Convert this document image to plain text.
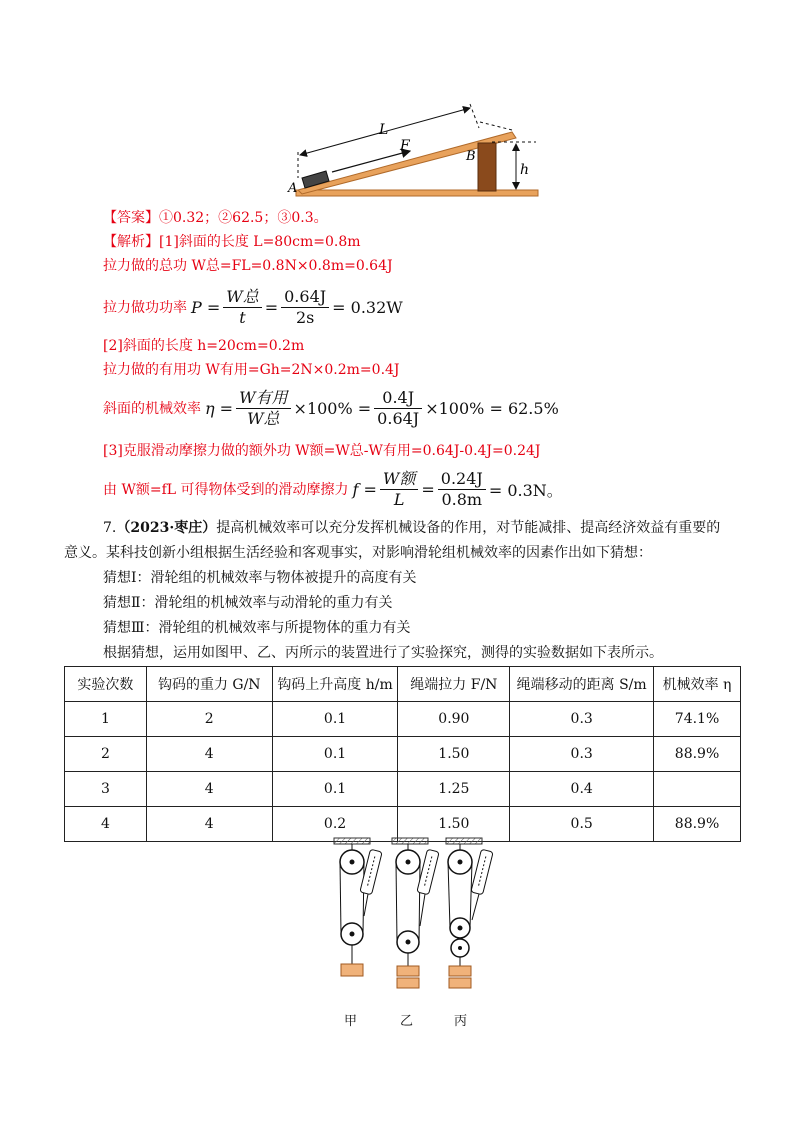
L
F
B
A
h
【答案】①0.32；②62.5；③0.3。
【解析】[1]斜面的长度 L=80cm=0.8m
拉力做的总功 W总=FL=0.8N×0.8m=0.64J
拉力做功功率 $P = \frac{\text{W总}}{t} = \frac{0.64J}{2s} = 0.32W$
[2]斜面的长度 h=20cm=0.2m
拉力做的有用功 W有用=Gh=2N×0.2m=0.4J
斜面的机械效率 $\eta = \frac{\text{W有用}}{\text{W总}} \times 100\% = \frac{0.4J}{0.64J} \times 100\% = 62.5\%$
[3]克服滑动摩擦力做的额外功 W额=W总-W有用=0.64J-0.4J=0.24J
由 W额=fL 可得物体受到的滑动摩擦力 $f = \frac{\text{W额}}{L} = \frac{0.24J}{0.8m} = 0.3N$。
7.（2023·枣庄）提高机械效率可以充分发挥机械设备的作用，对节能减排、提高经济效益有重要的
意义。某科技创新小组根据生活经验和客观事实，对影响滑轮组机械效率的因素作出如下猜想：
猜想Ⅰ：滑轮组的机械效率与物体被提升的高度有关
猜想Ⅱ：滑轮组的机械效率与动滑轮的重力有关
猜想Ⅲ：滑轮组的机械效率与所提物体的重力有关
根据猜想，运用如图甲、乙、丙所示的装置进行了实验探究，测得的实验数据如下表所示。
实验次数	钩码的重力 G/N	钩码上升高度 h/m	绳端拉力 F/N	绳端移动的距离 S/m	机械效率 η
1	2	0.1	0.90	0.3	74.1%
2	4	0.1	1.50	0.3	88.9%
3	4	0.1	1.25	0.4	
4	4	0.2	1.50	0.5	88.9%
甲	乙	丙
